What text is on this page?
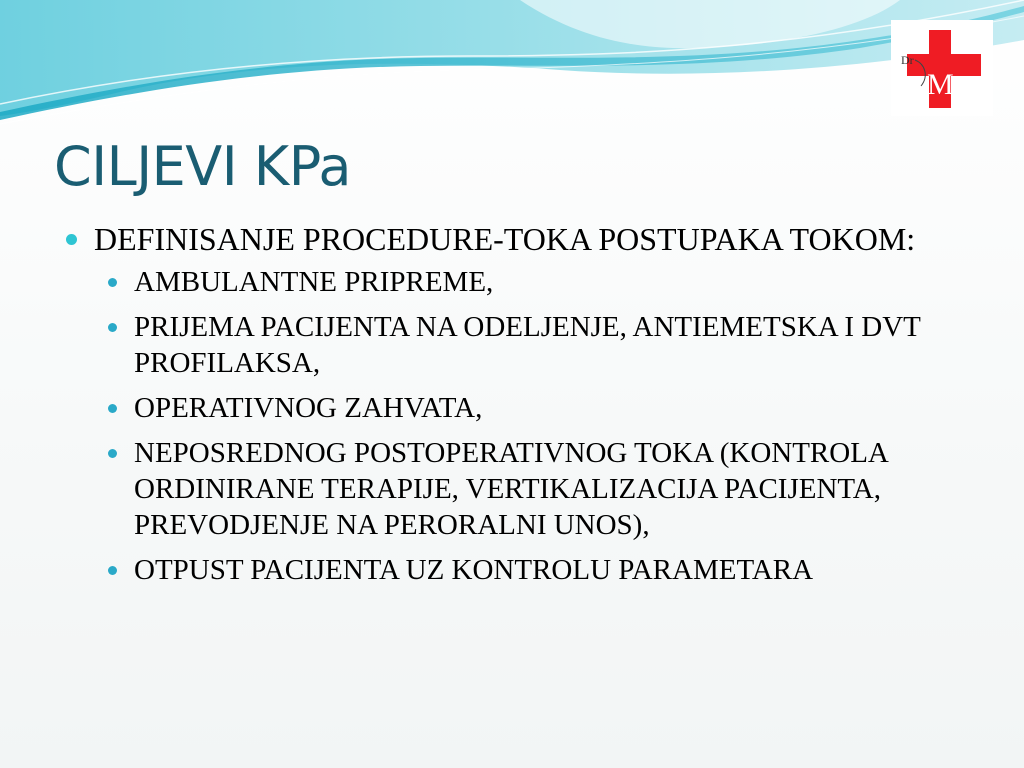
Dr
M
CILJEVI KPa
DEFINISANJE PROCEDURE-TOKA POSTUPAKA TOKOM:
AMBULANTNE PRIPREME,
PRIJEMA PACIJENTA NA ODELJENJE, ANTIEMETSKA I DVT PROFILAKSA,
OPERATIVNOG ZAHVATA,
NEPOSREDNOG POSTOPERATIVNOG TOKA (KONTROLA ORDINIRANE TERAPIJE, VERTIKALIZACIJA PACIJENTA, PREVODJENJE NA PERORALNI UNOS),
OTPUST PACIJENTA UZ KONTROLU PARAMETARA
